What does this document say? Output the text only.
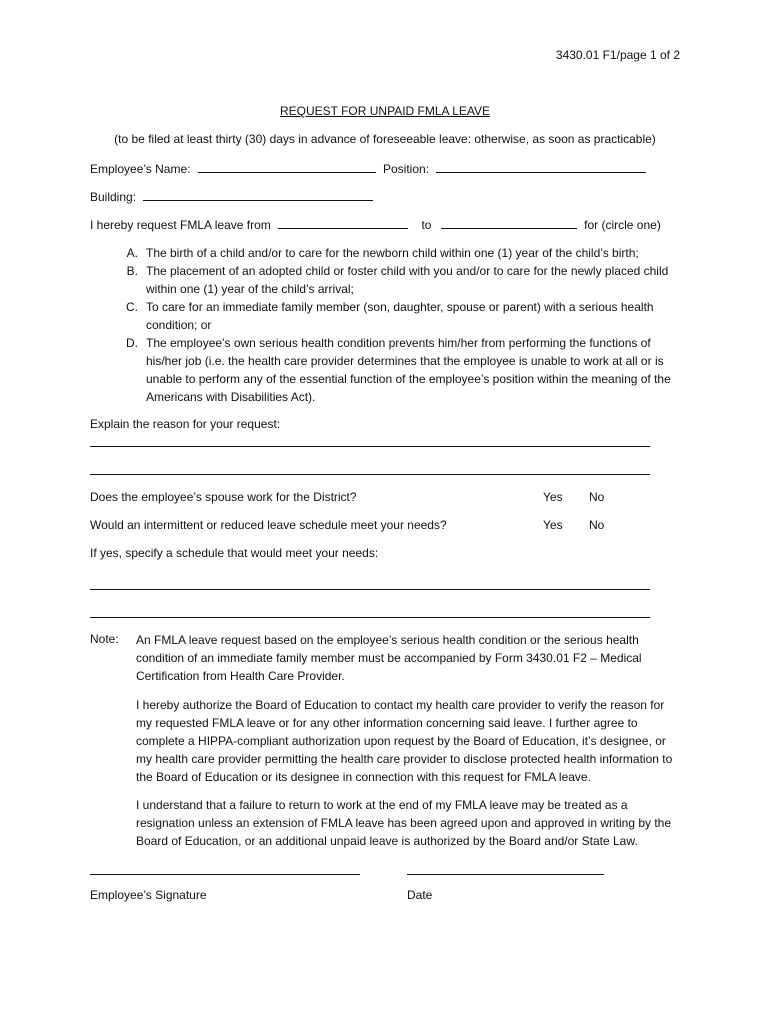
3430.01 F1/page 1 of 2
REQUEST FOR UNPAID FMLA LEAVE
(to be filed at least thirty (30) days in advance of foreseeable leave: otherwise, as soon as practicable)
Employee’s Name:	Position:
Building:
I hereby request FMLA leave from	to	for (circle one)
A. The birth of a child and/or to care for the newborn child within one (1) year of the child’s birth;
B. The placement of an adopted child or foster child with you and/or to care for the newly placed child within one (1) year of the child’s arrival;
C. To care for an immediate family member (son, daughter, spouse or parent) with a serious health condition; or
D. The employee’s own serious health condition prevents him/her from performing the functions of his/her job (i.e. the health care provider determines that the employee is unable to work at all or is unable to perform any of the essential function of the employee’s position within the meaning of the Americans with Disabilities Act).
Explain the reason for your request:
Does the employee’s spouse work for the District?	Yes No
Would an intermittent or reduced leave schedule meet your needs?	Yes No
If yes, specify a schedule that would meet your needs:
Note: An FMLA leave request based on the employee’s serious health condition or the serious health condition of an immediate family member must be accompanied by Form 3430.01 F2 – Medical Certification from Health Care Provider.
I hereby authorize the Board of Education to contact my health care provider to verify the reason for my requested FMLA leave or for any other information concerning said leave. I further agree to complete a HIPPA-compliant authorization upon request by the Board of Education, it’s designee, or my health care provider permitting the health care provider to disclose protected health information to the Board of Education or its designee in connection with this request for FMLA leave.
I understand that a failure to return to work at the end of my FMLA leave may be treated as a resignation unless an extension of FMLA leave has been agreed upon and approved in writing by the Board of Education, or an additional unpaid leave is authorized by the Board and/or State Law.
Employee’s Signature	Date
